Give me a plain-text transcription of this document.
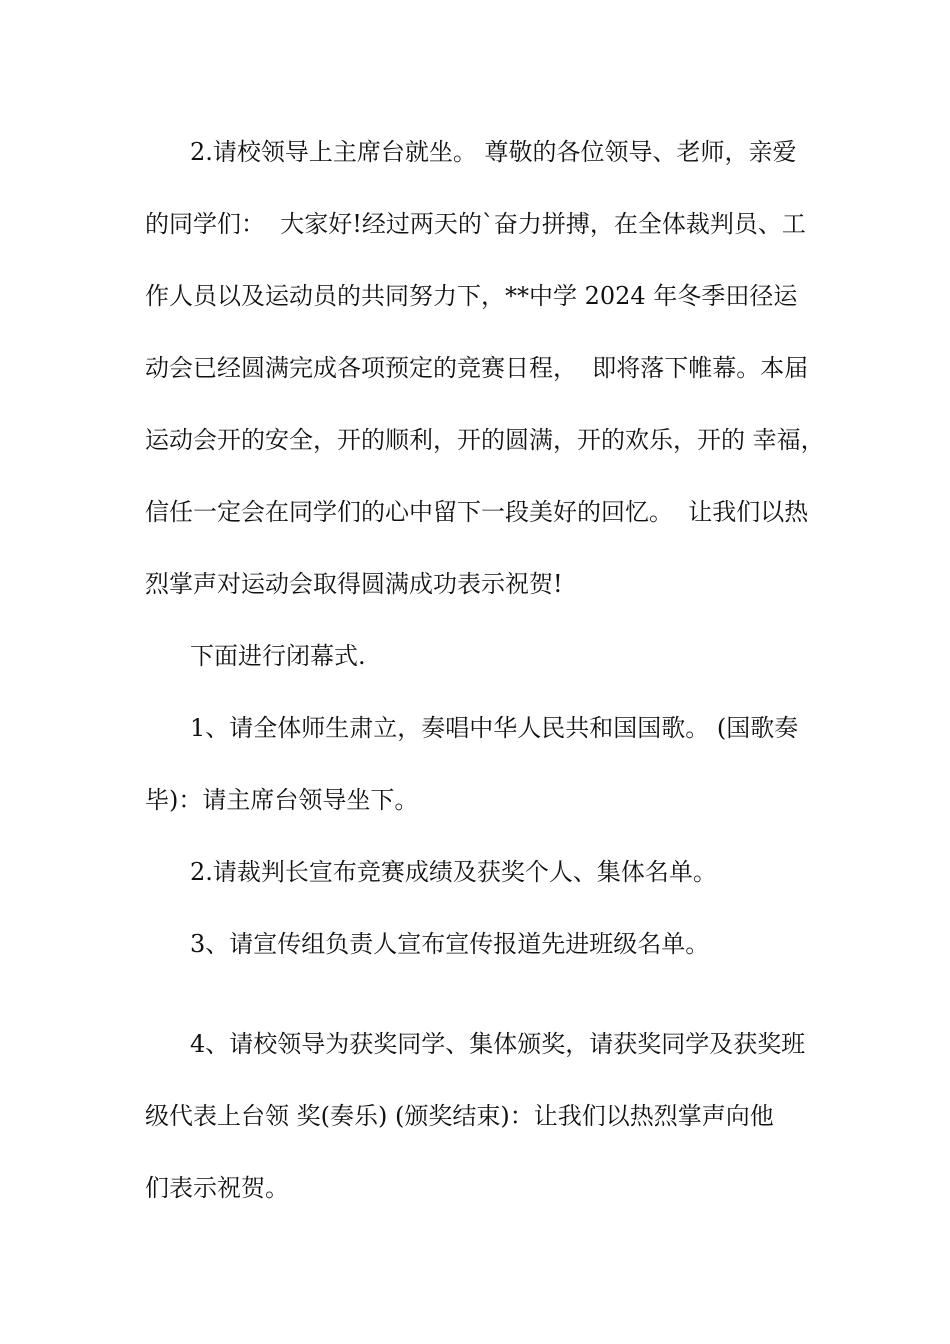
2.请校领导上主席台就坐。 尊敬的各位领导、老师，亲爱
的同学们：  大家好!经过两天的`奋力拼搏，在全体裁判员、工
作人员以及运动员的共同努力下，**中学 2024 年冬季田径运
动会已经圆满完成各项预定的竞赛日程，  即将落下帷幕。本届
运动会开的安全，开的顺利，开的圆满，开的欢乐，开的 幸福，
信任一定会在同学们的心中留下一段美好的回忆。  让我们以热
烈掌声对运动会取得圆满成功表示祝贺!
下面进行闭幕式.
1、请全体师生肃立，奏唱中华人民共和国国歌。 (国歌奏
毕)：请主席台领导坐下。
2.请裁判长宣布竞赛成绩及获奖个人、集体名单。
3、请宣传组负责人宣布宣传报道先进班级名单。
4、请校领导为获奖同学、集体颁奖，请获奖同学及获奖班
级代表上台领 奖(奏乐) (颁奖结束)：让我们以热烈掌声向他
们表示祝贺。
